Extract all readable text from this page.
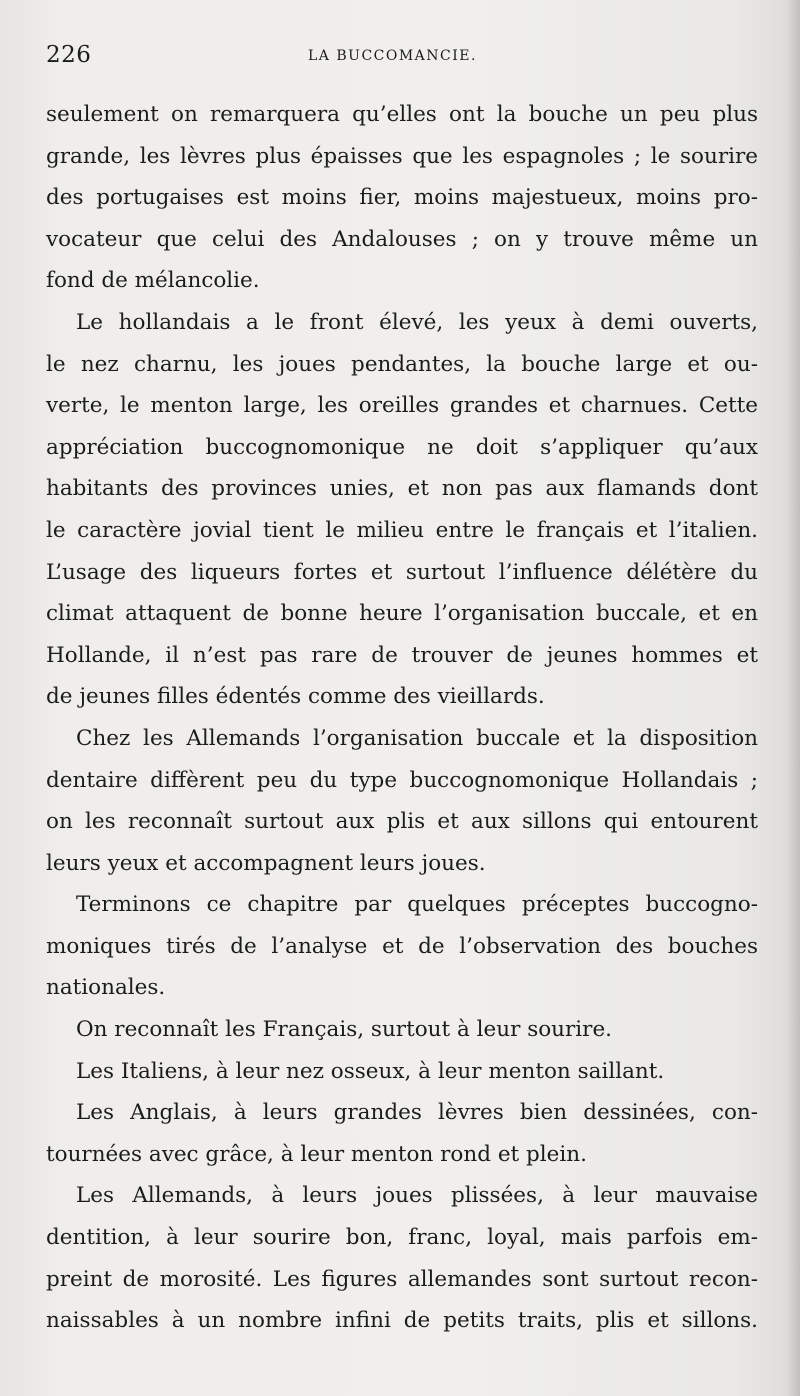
226	LA BUCCOMANCIE.
seulement on remarquera qu’elles ont la bouche un peu plus
grande, les lèvres plus épaisses que les espagnoles ; le sourire
des portugaises est moins fier, moins majestueux, moins pro-
vocateur que celui des Andalouses ; on y trouve même un
fond de mélancolie.
Le hollandais a le front élevé, les yeux à demi ouverts,
le nez charnu, les joues pendantes, la bouche large et ou-
verte, le menton large, les oreilles grandes et charnues. Cette
appréciation buccognomonique ne doit s’appliquer qu’aux
habitants des provinces unies, et non pas aux flamands dont
le caractère jovial tient le milieu entre le français et l’italien.
L’usage des liqueurs fortes et surtout l’influence délétère du
climat attaquent de bonne heure l’organisation buccale, et en
Hollande, il n’est pas rare de trouver de jeunes hommes et
de jeunes filles édentés comme des vieillards.
Chez les Allemands l’organisation buccale et la disposition
dentaire diffèrent peu du type buccognomonique Hollandais ;
on les reconnaît surtout aux plis et aux sillons qui entourent
leurs yeux et accompagnent leurs joues.
Terminons ce chapitre par quelques préceptes buccogno-
moniques tirés de l’analyse et de l’observation des bouches
nationales.
On reconnaît les Français, surtout à leur sourire.
Les Italiens, à leur nez osseux, à leur menton saillant.
Les Anglais, à leurs grandes lèvres bien dessinées, con-
tournées avec grâce, à leur menton rond et plein.
Les Allemands, à leurs joues plissées, à leur mauvaise
dentition, à leur sourire bon, franc, loyal, mais parfois em-
preint de morosité. Les figures allemandes sont surtout recon-
naissables à un nombre infini de petits traits, plis et sillons.
